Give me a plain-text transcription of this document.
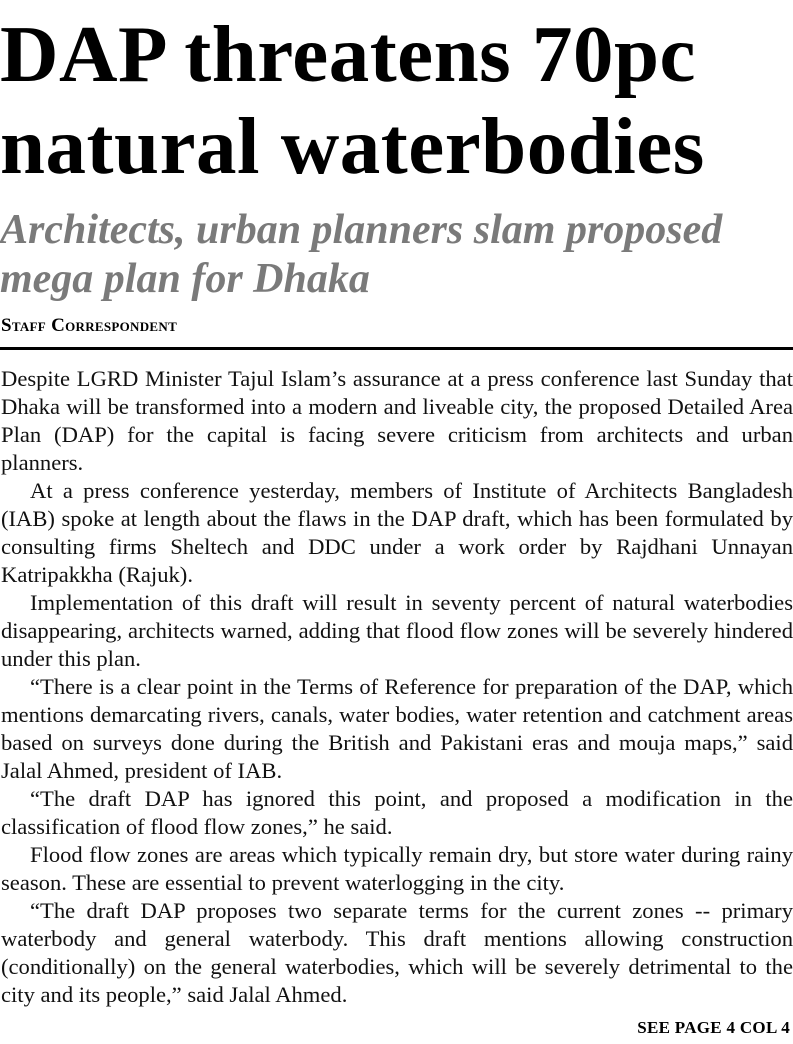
DAP threatens 70pc
natural waterbodies
Architects, urban planners slam proposed
mega plan for Dhaka
Staff Correspondent

Despite LGRD Minister Tajul Islam’s assurance at a press conference last Sunday that Dhaka will be transformed into a modern and liveable city, the proposed Detailed Area Plan (DAP) for the capital is facing severe criticism from architects and urban planners.

At a press conference yesterday, members of Institute of Architects Bangladesh (IAB) spoke at length about the flaws in the DAP draft, which has been formulated by consulting firms Sheltech and DDC under a work order by Rajdhani Unnayan Katripakkha (Rajuk).

Implementation of this draft will result in seventy percent of natural waterbodies disappearing, architects warned, adding that flood flow zones will be severely hindered under this plan.

“There is a clear point in the Terms of Reference for preparation of the DAP, which mentions demarcating rivers, canals, water bodies, water retention and catchment areas based on surveys done during the British and Pakistani eras and mouja maps,” said Jalal Ahmed, president of IAB.

“The draft DAP has ignored this point, and proposed a modification in the classification of flood flow zones,” he said.

Flood flow zones are areas which typically remain dry, but store water during rainy season. These are essential to prevent waterlogging in the city.

“The draft DAP proposes two separate terms for the current zones -- primary waterbody and general waterbody. This draft mentions allowing construction (conditionally) on the general waterbodies, which will be severely detrimental to the city and its people,” said Jalal Ahmed.

SEE PAGE 4 COL 4
